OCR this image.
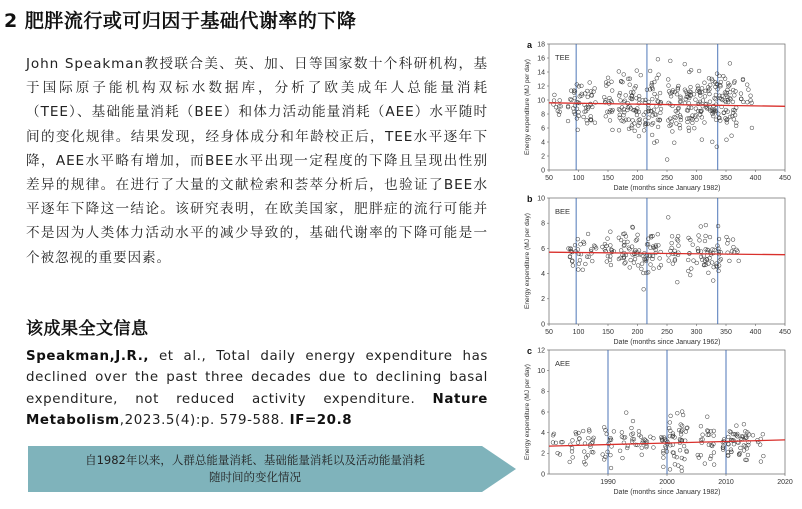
2 肥胖流行或可归因于基础代谢率的下降

John Speakman教授联合美、英、加、日等国家数十个科研机构，基于国际原子能机构双标水数据库，分析了欧美成年人总能量消耗（TEE）、基础能量消耗（BEE）和体力活动能量消耗（AEE）水平随时间的变化规律。结果发现，经身体成分和年龄校正后，TEE水平逐年下降，AEE水平略有增加，而BEE水平出现一定程度的下降且呈现出性别差异的规律。在进行了大量的文献检索和荟萃分析后，也验证了BEE水平逐年下降这一结论。该研究表明，在欧美国家，肥胖症的流行可能并不是因为人类体力活动水平的减少导致的，基础代谢率的下降可能是一个被忽视的重要因素。

该成果全文信息
Speakman,J.R., et al., Total daily energy expenditure has declined over the past three decades due to declining basal expenditure, not reduced activity expenditure. Nature Metabolism,2023.5(4):p. 579-588. IF=20.8
自1982年以来，人群总能量消耗、基础能量消耗以及活动能量消耗
随时间的变化情况
a
TEE
0
2
4
6
8
10
12
14
16
18
50	100	150	200	250	300	350	400	450
Date (months since January 1982)
Energy expenditure (MJ per day)
b
BEE
0
2
4
6
8
10
50	100	150	200	250	300	350	400	450
Date (months since January 1962)
Energy expenditure (MJ per day)
c
AEE
0
2
4
6
8
10
12
1990	2000	2010	2020
Date (months since January 1982)
Energy expenditure (MJ per day)
